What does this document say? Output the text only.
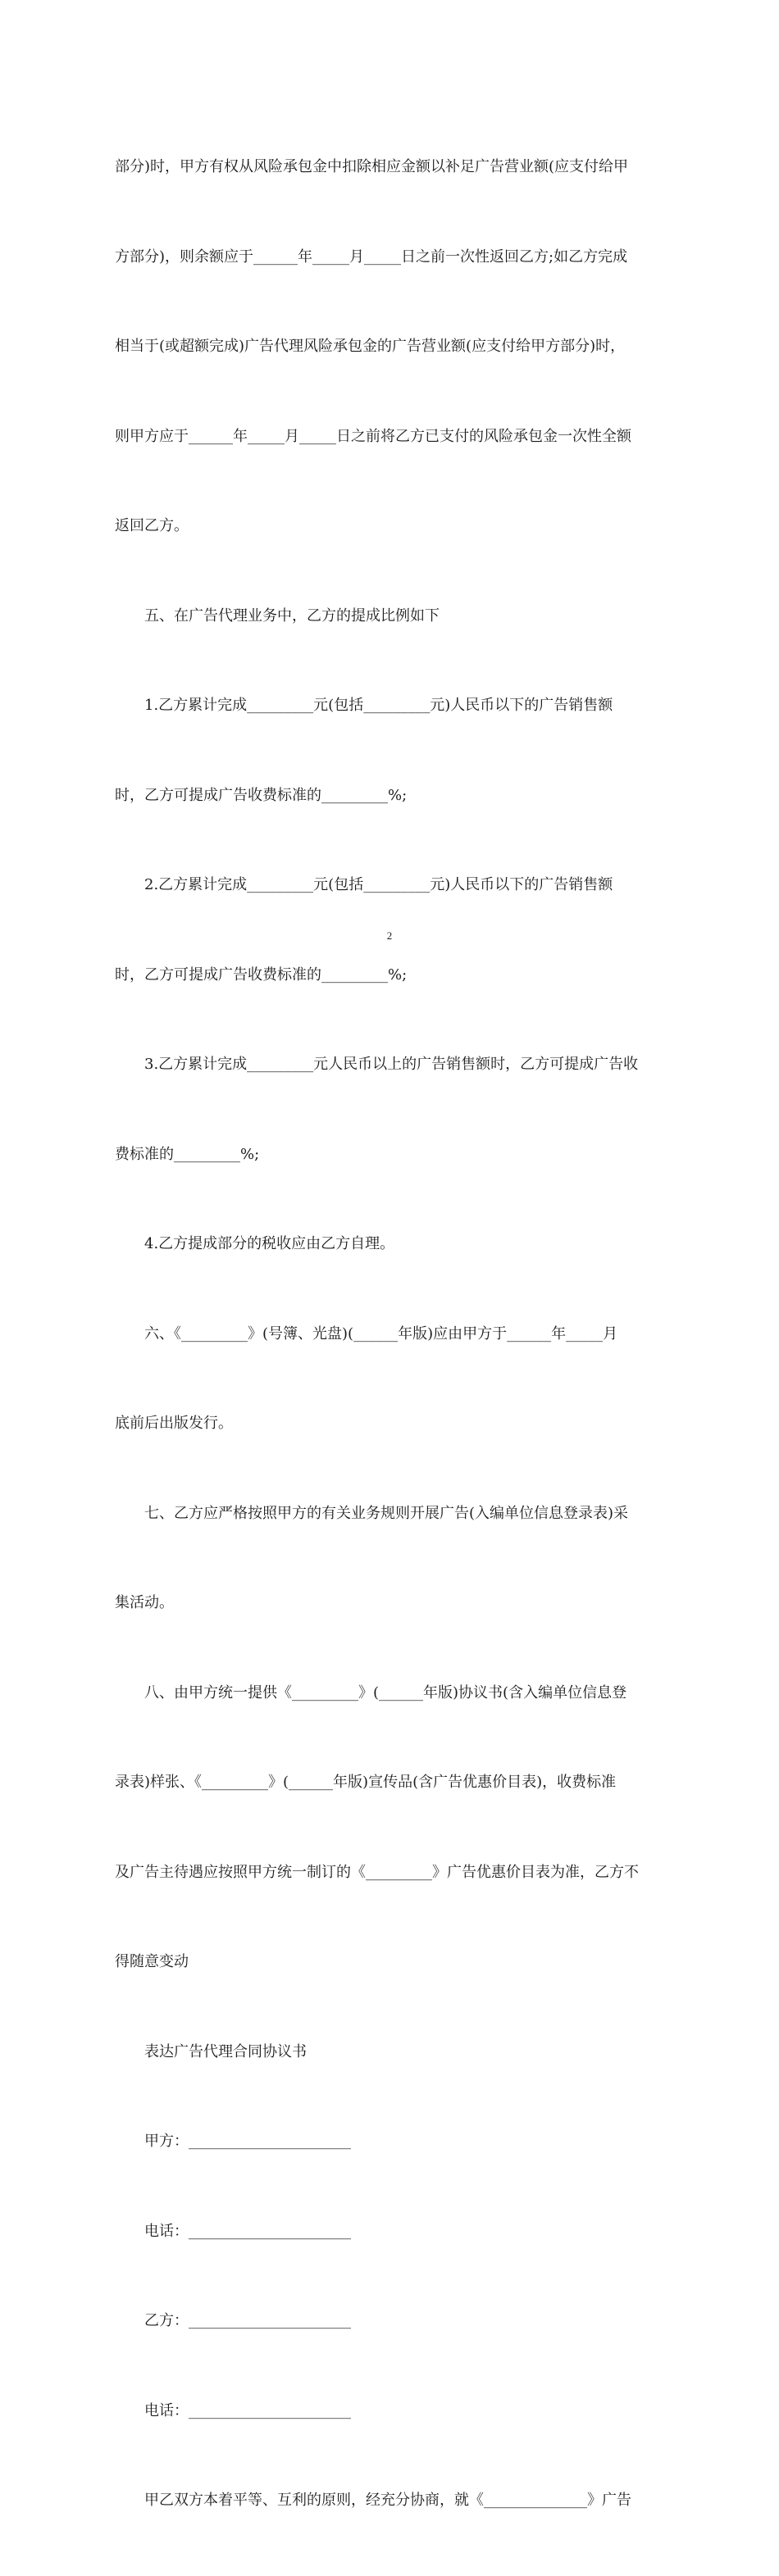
部分)时，甲方有权从风险承包金中扣除相应金额以补足广告营业额(应支付给甲

方部分)，则余额应于______年_____月_____日之前一次性返回乙方;如乙方完成

相当于(或超额完成)广告代理风险承包金的广告营业额(应支付给甲方部分)时，

则甲方应于______年_____月_____日之前将乙方已支付的风险承包金一次性全额

返回乙方。

　　五、在广告代理业务中，乙方的提成比例如下

　　1.乙方累计完成_________元(包括_________元)人民币以下的广告销售额

时，乙方可提成广告收费标准的_________%;

　　2.乙方累计完成_________元(包括_________元)人民币以下的广告销售额

时，乙方可提成广告收费标准的_________%;

　　3.乙方累计完成_________元人民币以上的广告销售额时，乙方可提成广告收

费标准的_________%;

　　4.乙方提成部分的税收应由乙方自理。

　　六、《_________》(号簿、光盘)(______年版)应由甲方于______年_____月

底前后出版发行。

　　七、乙方应严格按照甲方的有关业务规则开展广告(入编单位信息登录表)采

集活动。

　　八、由甲方统一提供《_________》(______年版)协议书(含入编单位信息登

录表)样张、《_________》(______年版)宣传品(含广告优惠价目表)，收费标准

及广告主待遇应按照甲方统一制订的《_________》广告优惠价目表为准，乙方不

得随意变动

　　表达广告代理合同协议书

　　甲方：______________________

　　电话：______________________

　　乙方：______________________

　　电话：______________________

　　甲乙双方本着平等、互利的原则，经充分协商，就《______________》广告

2
